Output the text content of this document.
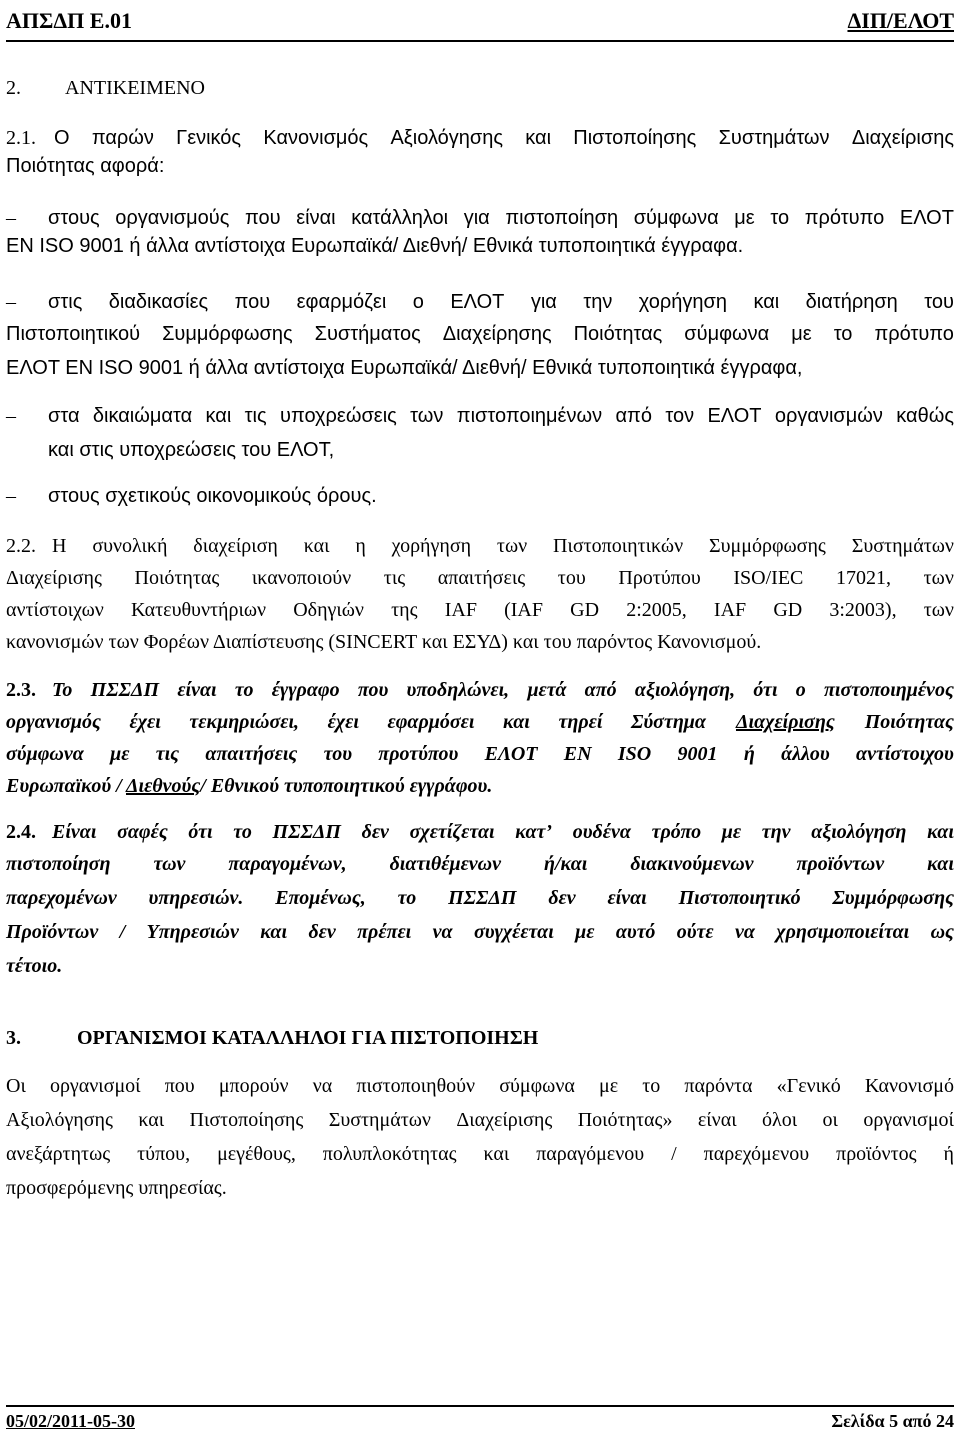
ΑΠΣΔΠ Ε.01	ΔΙΠ/ΕΛΟΤ
2. ΑΝΤΙΚΕΙΜΕΝΟ
2.1. Ο παρών Γενικός Κανονισμός Αξιολόγησης και Πιστοποίησης Συστημάτων Διαχείρισης
Ποιότητας αφορά:
– στους οργανισμούς που είναι κατάλληλοι για πιστοποίηση σύμφωνα με το πρότυπο ΕΛΟΤ
EN ISO 9001 ή άλλα αντίστοιχα Ευρωπαϊκά/ Διεθνή/ Εθνικά τυποποιητικά έγγραφα.
– στις διαδικασίες που εφαρμόζει ο ΕΛΟΤ για την χορήγηση και διατήρηση του
Πιστοποιητικού Συμμόρφωσης Συστήματος Διαχείρησης Ποιότητας σύμφωνα με το πρότυπο
ΕΛΟΤ ΕΝ ISO 9001 ή άλλα αντίστοιχα Ευρωπαϊκά/ Διεθνή/ Εθνικά τυποποιητικά έγγραφα,
– στα δικαιώματα και τις υποχρεώσεις των πιστοποιημένων από τον ΕΛΟΤ οργανισμών καθώς
και στις υποχρεώσεις του ΕΛΟΤ,
– στους σχετικούς οικονομικούς όρους.
2.2. Η συνολική διαχείριση και η χορήγηση των Πιστοποιητικών Συμμόρφωσης Συστημάτων
Διαχείρισης Ποιότητας ικανοποιούν τις απαιτήσεις του Προτύπου ISO/IEC 17021, των
αντίστοιχων Κατευθυντήριων Οδηγιών της IAF (IAF GD 2:2005, IAF GD 3:2003), των
κανονισμών των Φορέων Διαπίστευσης (SINCERT και ΕΣΥΔ) και του παρόντος Κανονισμού.
2.3. Το ΠΣΣΔΠ είναι το έγγραφο που υποδηλώνει, μετά από αξιολόγηση, ότι ο πιστοποιημένος
οργανισμός έχει τεκμηριώσει, έχει εφαρμόσει και τηρεί Σύστημα Διαχείρισης Ποιότητας
σύμφωνα με τις απαιτήσεις του προτύπου ΕΛΟΤ ΕΝ ISO 9001 ή άλλου αντίστοιχου
Ευρωπαϊκού / Διεθνούς/ Εθνικού τυποποιητικού εγγράφου.
2.4. Είναι σαφές ότι το ΠΣΣΔΠ δεν σχετίζεται κατ’ ουδένα τρόπο με την αξιολόγηση και
πιστοποίηση των παραγομένων, διατιθέμενων ή/και διακινούμενων προϊόντων και
παρεχομένων υπηρεσιών. Επομένως, το ΠΣΣΔΠ δεν είναι Πιστοποιητικό Συμμόρφωσης
Προϊόντων / Υπηρεσιών και δεν πρέπει να συγχέεται με αυτό ούτε να χρησιμοποιείται ως
τέτοιο.
3.	ΟΡΓΑΝΙΣΜΟΙ ΚΑΤΑΛΛΗΛΟΙ ΓΙΑ ΠΙΣΤΟΠΟΙΗΣΗ
Οι οργανισμοί που μπορούν να πιστοποιηθούν σύμφωνα με το παρόντα «Γενικό Κανονισμό
Αξιολόγησης και Πιστοποίησης Συστημάτων Διαχείρισης Ποιότητας» είναι όλοι οι οργανισμοί
ανεξάρτητως τύπου, μεγέθους, πολυπλοκότητας και παραγόμενου / παρεχόμενου προϊόντος ή
προσφερόμενης υπηρεσίας.
05/02/2011-05-30	Σελίδα 5 από 24
